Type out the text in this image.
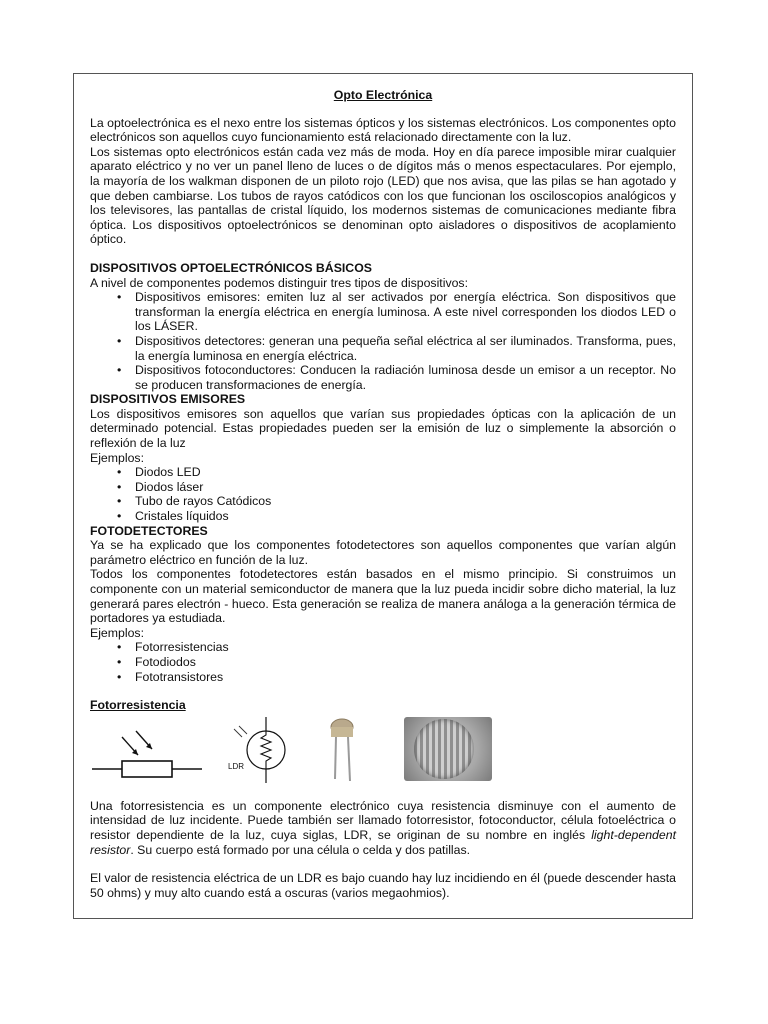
Opto Electrónica

La optoelectrónica es el nexo entre los sistemas ópticos y los sistemas electrónicos. Los componentes opto electrónicos son aquellos cuyo funcionamiento está relacionado directamente con la luz.

Los sistemas opto electrónicos están cada vez más de moda. Hoy en día parece imposible mirar cualquier aparato eléctrico y no ver un panel lleno de luces o de dígitos más o menos espectaculares. Por ejemplo, la mayoría de los walkman disponen de un piloto rojo (LED) que nos avisa, que las pilas se han agotado y que deben cambiarse. Los tubos de rayos catódicos con los que funcionan los osciloscopios analógicos y los televisores, las pantallas de cristal líquido, los modernos sistemas de comunicaciones mediante fibra óptica. Los dispositivos optoelectrónicos se denominan opto aisladores o dispositivos de acoplamiento óptico.

DISPOSITIVOS OPTOELECTRÓNICOS BÁSICOS

A nivel de componentes podemos distinguir tres tipos de dispositivos:

• Dispositivos emisores: emiten luz al ser activados por energía eléctrica. Son dispositivos que transforman la energía eléctrica en energía luminosa. A este nivel corresponden los diodos LED o los LÁSER.
• Dispositivos detectores: generan una pequeña señal eléctrica al ser iluminados. Transforma, pues, la energía luminosa en energía eléctrica.
• Dispositivos fotoconductores: Conducen la radiación luminosa desde un emisor a un receptor. No se producen transformaciones de energía.
DISPOSITIVOS EMISORES

Los dispositivos emisores son aquellos que varían sus propiedades ópticas con la aplicación de un determinado potencial. Estas propiedades pueden ser la emisión de luz o simplemente la absorción o reflexión de la luz

Ejemplos:

• Diodos LED
• Diodos láser
• Tubo de rayos Catódicos
• Cristales líquidos
FOTODETECTORES

Ya se ha explicado que los componentes fotodetectores son aquellos componentes que varían algún parámetro eléctrico en función de la luz.

Todos los componentes fotodetectores están basados en el mismo principio. Si construimos un componente con un material semiconductor de manera que la luz pueda incidir sobre dicho material, la luz generará pares electrón - hueco. Esta generación se realiza de manera análoga a la generación térmica de portadores ya estudiada.

Ejemplos:

• Fotorresistencias
• Fotodiodos
• Fototransistores
Fotorresistencia
LDR

Una fotorresistencia es un componente electrónico cuya resistencia disminuye con el aumento de intensidad de luz incidente. Puede también ser llamado fotorresistor, fotoconductor, célula fotoeléctrica o resistor dependiente de la luz, cuya siglas, LDR, se originan de su nombre en inglés light-dependent resistor. Su cuerpo está formado por una célula o celda y dos patillas.

El valor de resistencia eléctrica de un LDR es bajo cuando hay luz incidiendo en él (puede descender hasta 50 ohms) y muy alto cuando está a oscuras (varios megaohmios).
